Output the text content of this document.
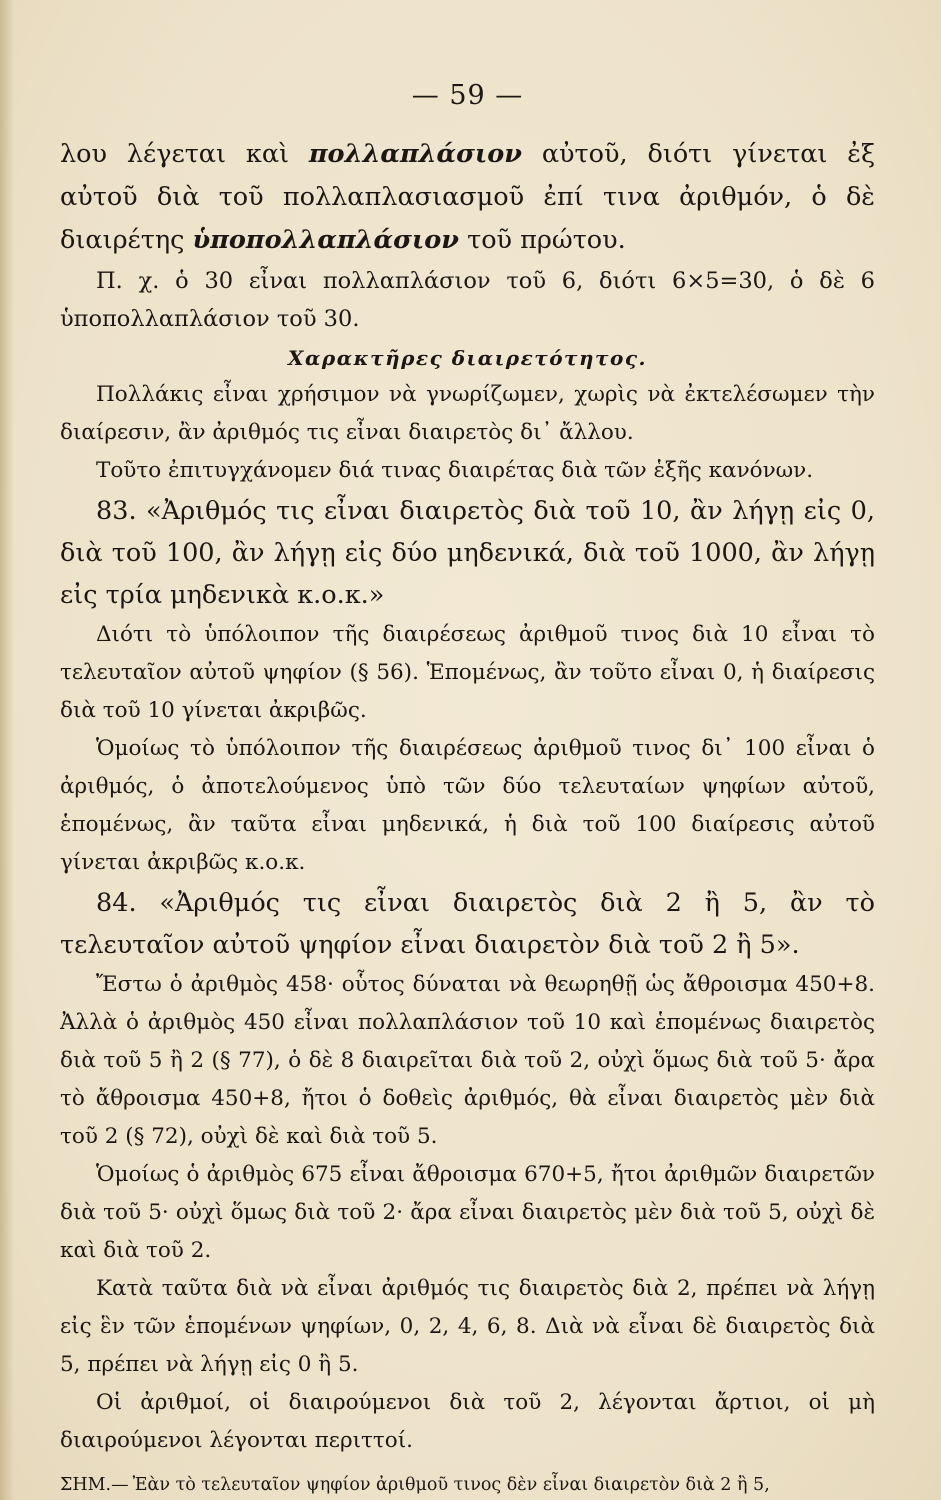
— 59 —

λου λέγεται καὶ πολλαπλάσιον αὐτοῦ, διότι γίνεται ἐξ αὐτοῦ διὰ τοῦ πολλαπλασιασμοῦ ἐπί τινα ἀριθμόν, ὁ δὲ διαιρέτης ὑποπολλαπλάσιον τοῦ πρώτου.

Π. χ. ὁ 30 εἶναι πολλαπλάσιον τοῦ 6, διότι 6×5=30, ὁ δὲ 6 ὑποπολλαπλάσιον τοῦ 30.

Χαρακτῆρες διαιρετότητος.

Πολλάκις εἶναι χρήσιμον νὰ γνωρίζωμεν, χωρὶς νὰ ἐκτελέσωμεν τὴν διαίρεσιν, ἂν ἀριθμός τις εἶναι διαιρετὸς δι᾽ ἄλλου.

Τοῦτο ἐπιτυγχάνομεν διά τινας διαιρέτας διὰ τῶν ἑξῆς κανόνων.

83. «Ἀριθμός τις εἶναι διαιρετὸς διὰ τοῦ 10, ἂν λήγῃ εἰς 0, διὰ τοῦ 100, ἂν λήγῃ εἰς δύο μηδενικά, διὰ τοῦ 1000, ἂν λήγῃ εἰς τρία μηδενικὰ κ.ο.κ.»

Διότι τὸ ὑπόλοιπον τῆς διαιρέσεως ἀριθμοῦ τινος διὰ 10 εἶναι τὸ τελευταῖον αὐτοῦ ψηφίον (§ 56). Ἑπομένως, ἂν τοῦτο εἶναι 0, ἡ διαίρεσις διὰ τοῦ 10 γίνεται ἀκριβῶς.

Ὁμοίως τὸ ὑπόλοιπον τῆς διαιρέσεως ἀριθμοῦ τινος δι᾽ 100 εἶναι ὁ ἀριθμός, ὁ ἀποτελούμενος ὑπὸ τῶν δύο τελευταίων ψηφίων αὐτοῦ, ἑπομένως, ἂν ταῦτα εἶναι μηδενικά, ἡ διὰ τοῦ 100 διαίρεσις αὐτοῦ γίνεται ἀκριβῶς κ.ο.κ.

84. «Ἀριθμός τις εἶναι διαιρετὸς διὰ 2 ἢ 5, ἂν τὸ τελευταῖον αὐτοῦ ψηφίον εἶναι διαιρετὸν διὰ τοῦ 2 ἢ 5».

Ἔστω ὁ ἀριθμὸς 458· οὗτος δύναται νὰ θεωρηθῇ ὡς ἄθροισμα 450+8. Ἀλλὰ ὁ ἀριθμὸς 450 εἶναι πολλαπλάσιον τοῦ 10 καὶ ἑπομένως διαιρετὸς διὰ τοῦ 5 ἢ 2 (§ 77), ὁ δὲ 8 διαιρεῖται διὰ τοῦ 2, οὐχὶ ὅμως διὰ τοῦ 5· ἄρα τὸ ἄθροισμα 450+8, ἤτοι ὁ δοθεὶς ἀριθμός, θὰ εἶναι διαιρετὸς μὲν διὰ τοῦ 2 (§ 72), οὐχὶ δὲ καὶ διὰ τοῦ 5.

Ὁμοίως ὁ ἀριθμὸς 675 εἶναι ἄθροισμα 670+5, ἤτοι ἀριθμῶν διαιρετῶν διὰ τοῦ 5· οὐχὶ ὅμως διὰ τοῦ 2· ἄρα εἶναι διαιρετὸς μὲν διὰ τοῦ 5, οὐχὶ δὲ καὶ διὰ τοῦ 2.

Κατὰ ταῦτα διὰ νὰ εἶναι ἀριθμός τις διαιρετὸς διὰ 2, πρέπει νὰ λήγῃ εἰς ἓν τῶν ἑπομένων ψηφίων, 0, 2, 4, 6, 8. Διὰ νὰ εἶναι δὲ διαιρετὸς διὰ 5, πρέπει νὰ λήγῃ εἰς 0 ἢ 5.

Οἱ ἀριθμοί, οἱ διαιρούμενοι διὰ τοῦ 2, λέγονται ἄρτιοι, οἱ μὴ διαιρούμενοι λέγονται περιττοί.

ΣΗΜ.— Ἐὰν τὸ τελευταῖον ψηφίον ἀριθμοῦ τινος δὲν εἶναι διαιρετὸν διὰ 2 ἢ 5,
